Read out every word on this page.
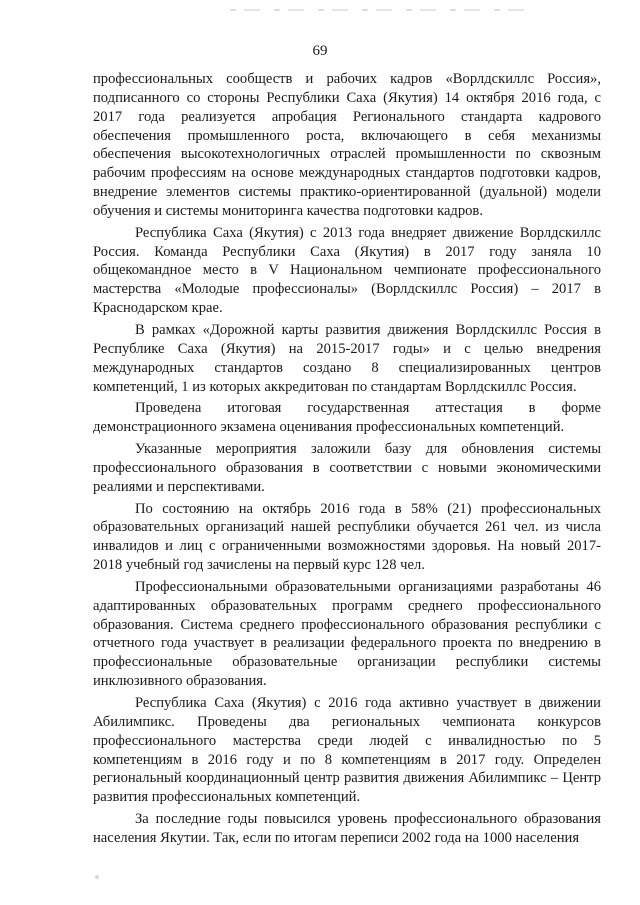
69

профессиональных сообществ и рабочих кадров «Ворлдскиллс Россия», подписанного со стороны Республики Саха (Якутия) 14 октября 2016 года, с 2017 года реализуется апробация Регионального стандарта кадрового обеспечения промышленного роста, включающего в себя механизмы обеспечения высокотехнологичных отраслей промышленности по сквозным рабочим профессиям на основе международных стандартов подготовки кадров, внедрение элементов системы практико-ориентированной (дуальной) модели обучения и системы мониторинга качества подготовки кадров.

Республика Саха (Якутия) с 2013 года внедряет движение Ворлдскиллс Россия. Команда Республики Саха (Якутия) в 2017 году заняла 10 общекомандное место в V Национальном чемпионате профессионального мастерства «Молодые профессионалы» (Ворлдскиллс Россия) – 2017 в Краснодарском крае.

В рамках «Дорожной карты развития движения Ворлдскиллс Россия в Республике Саха (Якутия) на 2015-2017 годы» и с целью внедрения международных стандартов создано 8 специализированных центров компетенций, 1 из которых аккредитован по стандартам Ворлдскиллс Россия.

Проведена итоговая государственная аттестация в форме демонстрационного экзамена оценивания профессиональных компетенций.

Указанные мероприятия заложили базу для обновления системы профессионального образования в соответствии с новыми экономическими реалиями и перспективами.

По состоянию на октябрь 2016 года в 58% (21) профессиональных образовательных организаций нашей республики обучается 261 чел. из числа инвалидов и лиц с ограниченными возможностями здоровья. На новый 2017-2018 учебный год зачислены на первый курс 128 чел.

Профессиональными образовательными организациями разработаны 46 адаптированных образовательных программ среднего профессионального образования. Система среднего профессионального образования республики с отчетного года участвует в реализации федерального проекта по внедрению в профессиональные образовательные организации республики системы инклюзивного образования.

Республика Саха (Якутия) с 2016 года активно участвует в движении Абилимпикс. Проведены два региональных чемпионата конкурсов профессионального мастерства среди людей с инвалидностью по 5 компетенциям в 2016 году и по 8 компетенциям в 2017 году. Определен региональный координационный центр развития движения Абилимпикс – Центр развития профессиональных компетенций.

За последние годы повысился уровень профессионального образования населения Якутии. Так, если по итогам переписи 2002 года на 1000 населения
